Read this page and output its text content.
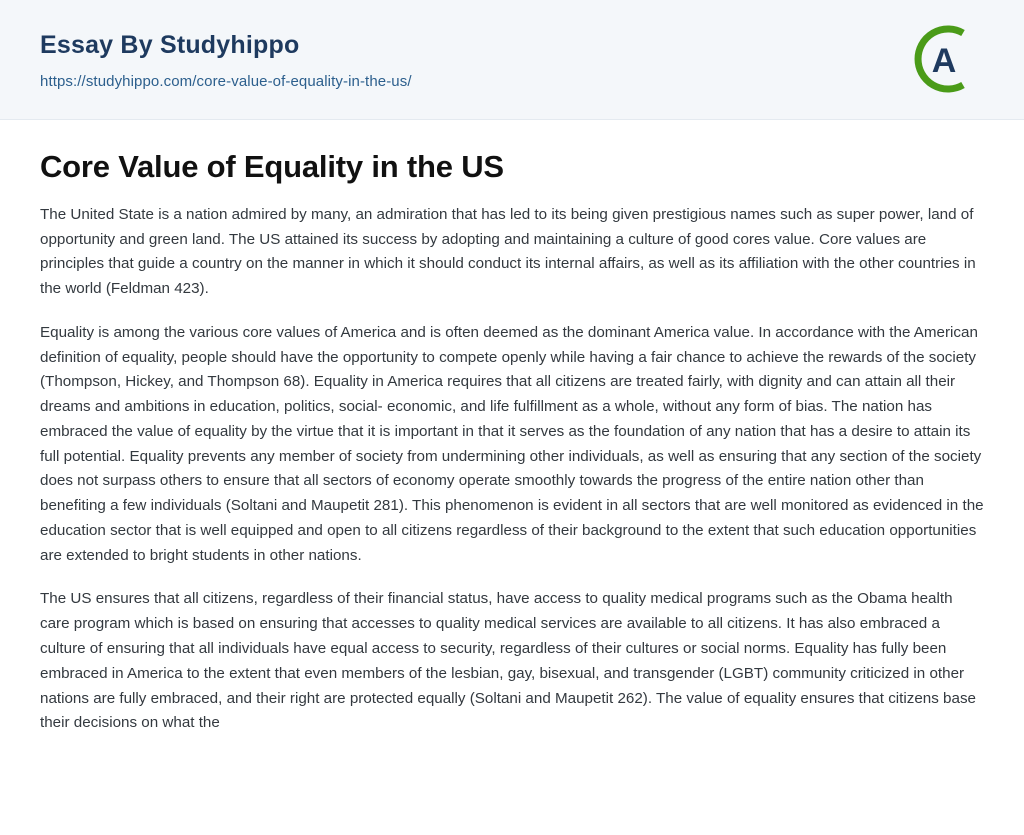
Essay By Studyhippo
https://studyhippo.com/core-value-of-equality-in-the-us/
A
Core Value of Equality in the US

The United State is a nation admired by many, an admiration that has led to its being given prestigious names such as super power, land of opportunity and green land. The US attained its success by adopting and maintaining a culture of good cores value. Core values are principles that guide a country on the manner in which it should conduct its internal affairs, as well as its affiliation with the other countries in the world (Feldman 423).

Equality is among the various core values of America and is often deemed as the dominant America value. In accordance with the American definition of equality, people should have the opportunity to compete openly while having a fair chance to achieve the rewards of the society (Thompson, Hickey, and Thompson 68). Equality in America requires that all citizens are treated fairly, with dignity and can attain all their dreams and ambitions in education, politics, social- economic, and life fulfillment as a whole, without any form of bias. The nation has embraced the value of equality by the virtue that it is important in that it serves as the foundation of any nation that has a desire to attain its full potential. Equality prevents any member of society from undermining other individuals, as well as ensuring that any section of the society does not surpass others to ensure that all sectors of economy operate smoothly towards the progress of the entire nation other than benefiting a few individuals (Soltani and Maupetit 281). This phenomenon is evident in all sectors that are well monitored as evidenced in the education sector that is well equipped and open to all citizens regardless of their background to the extent that such education opportunities are extended to bright students in other nations.

The US ensures that all citizens, regardless of their financial status, have access to quality medical programs such as the Obama health care program which is based on ensuring that accesses to quality medical services are available to all citizens. It has also embraced a culture of ensuring that all individuals have equal access to security, regardless of their cultures or social norms. Equality has fully been embraced in America to the extent that even members of the lesbian, gay, bisexual, and transgender (LGBT) community criticized in other nations are fully embraced, and their right are protected equally (Soltani and Maupetit 262). The value of equality ensures that citizens base their decisions on what the
